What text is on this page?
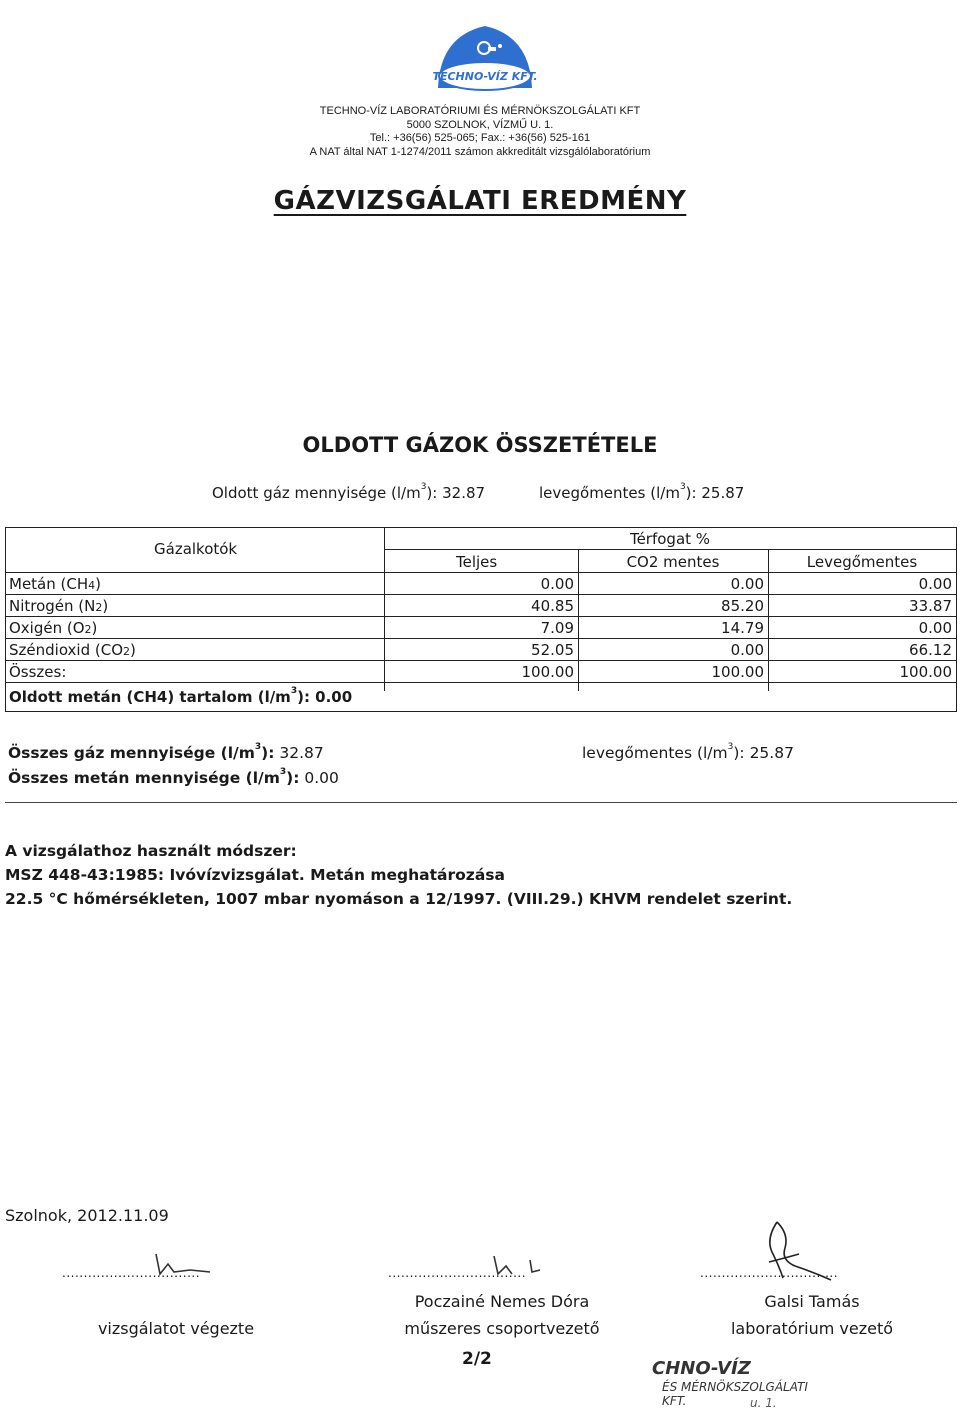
TECHNO-VÍZ KFT.
TECHNO-VÍZ LABORATÓRIUMI ÉS MÉRNÖKSZOLGÁLATI KFT
5000 SZOLNOK, VÍZMŰ U. 1.
Tel.: +36(56) 525-065; Fax.: +36(56) 525-161
A NAT által NAT 1-1274/2011 számon akkreditált vizsgálólaboratórium
GÁZVIZSGÁLATI EREDMÉNY
OLDOTT GÁZOK ÖSSZETÉTELE
Oldott gáz mennyisége $(l/m^3)$: 32.87	levegőmentes $(l/m^3)$: 25.87
Gázalkotók
Térfogat %
Teljes	CO2 mentes	Levegőmentes
Metán (CH4)	0.00	0.00	0.00
Nitrogén (N2)	40.85	85.20	33.87
Oxigén (O2)	7.09	14.79	0.00
Széndioxid (CO2)	52.05	0.00	66.12
Összes:	100.00	100.00	100.00
Oldott metán (CH4) tartalom $(l/m^3)$: 0.00
Összes gáz mennyisége $(l/m^3)$: 32.87	levegőmentes $(l/m^3)$: 25.87
Összes metán mennyisége $(l/m^3)$: 0.00
A vizsgálathoz használt módszer:
MSZ 448-43:1985: Ivóvízvizsgálat. Metán meghatározása
22.5 °C hőmérsékleten, 1007 mbar nyomáson a 12/1997. (VIII.29.) KHVM rendelet szerint.
Szolnok, 2012.11.09
................................	................................	................................
Poczainé Nemes Dóra	Galsi Tamás
vizsgálatot végezte	műszeres csoportvezető	laboratórium vezető
2/2	CHNO-VÍZ
ÉS MÉRNÖKSZOLGÁLATI KFT.	u. 1.
